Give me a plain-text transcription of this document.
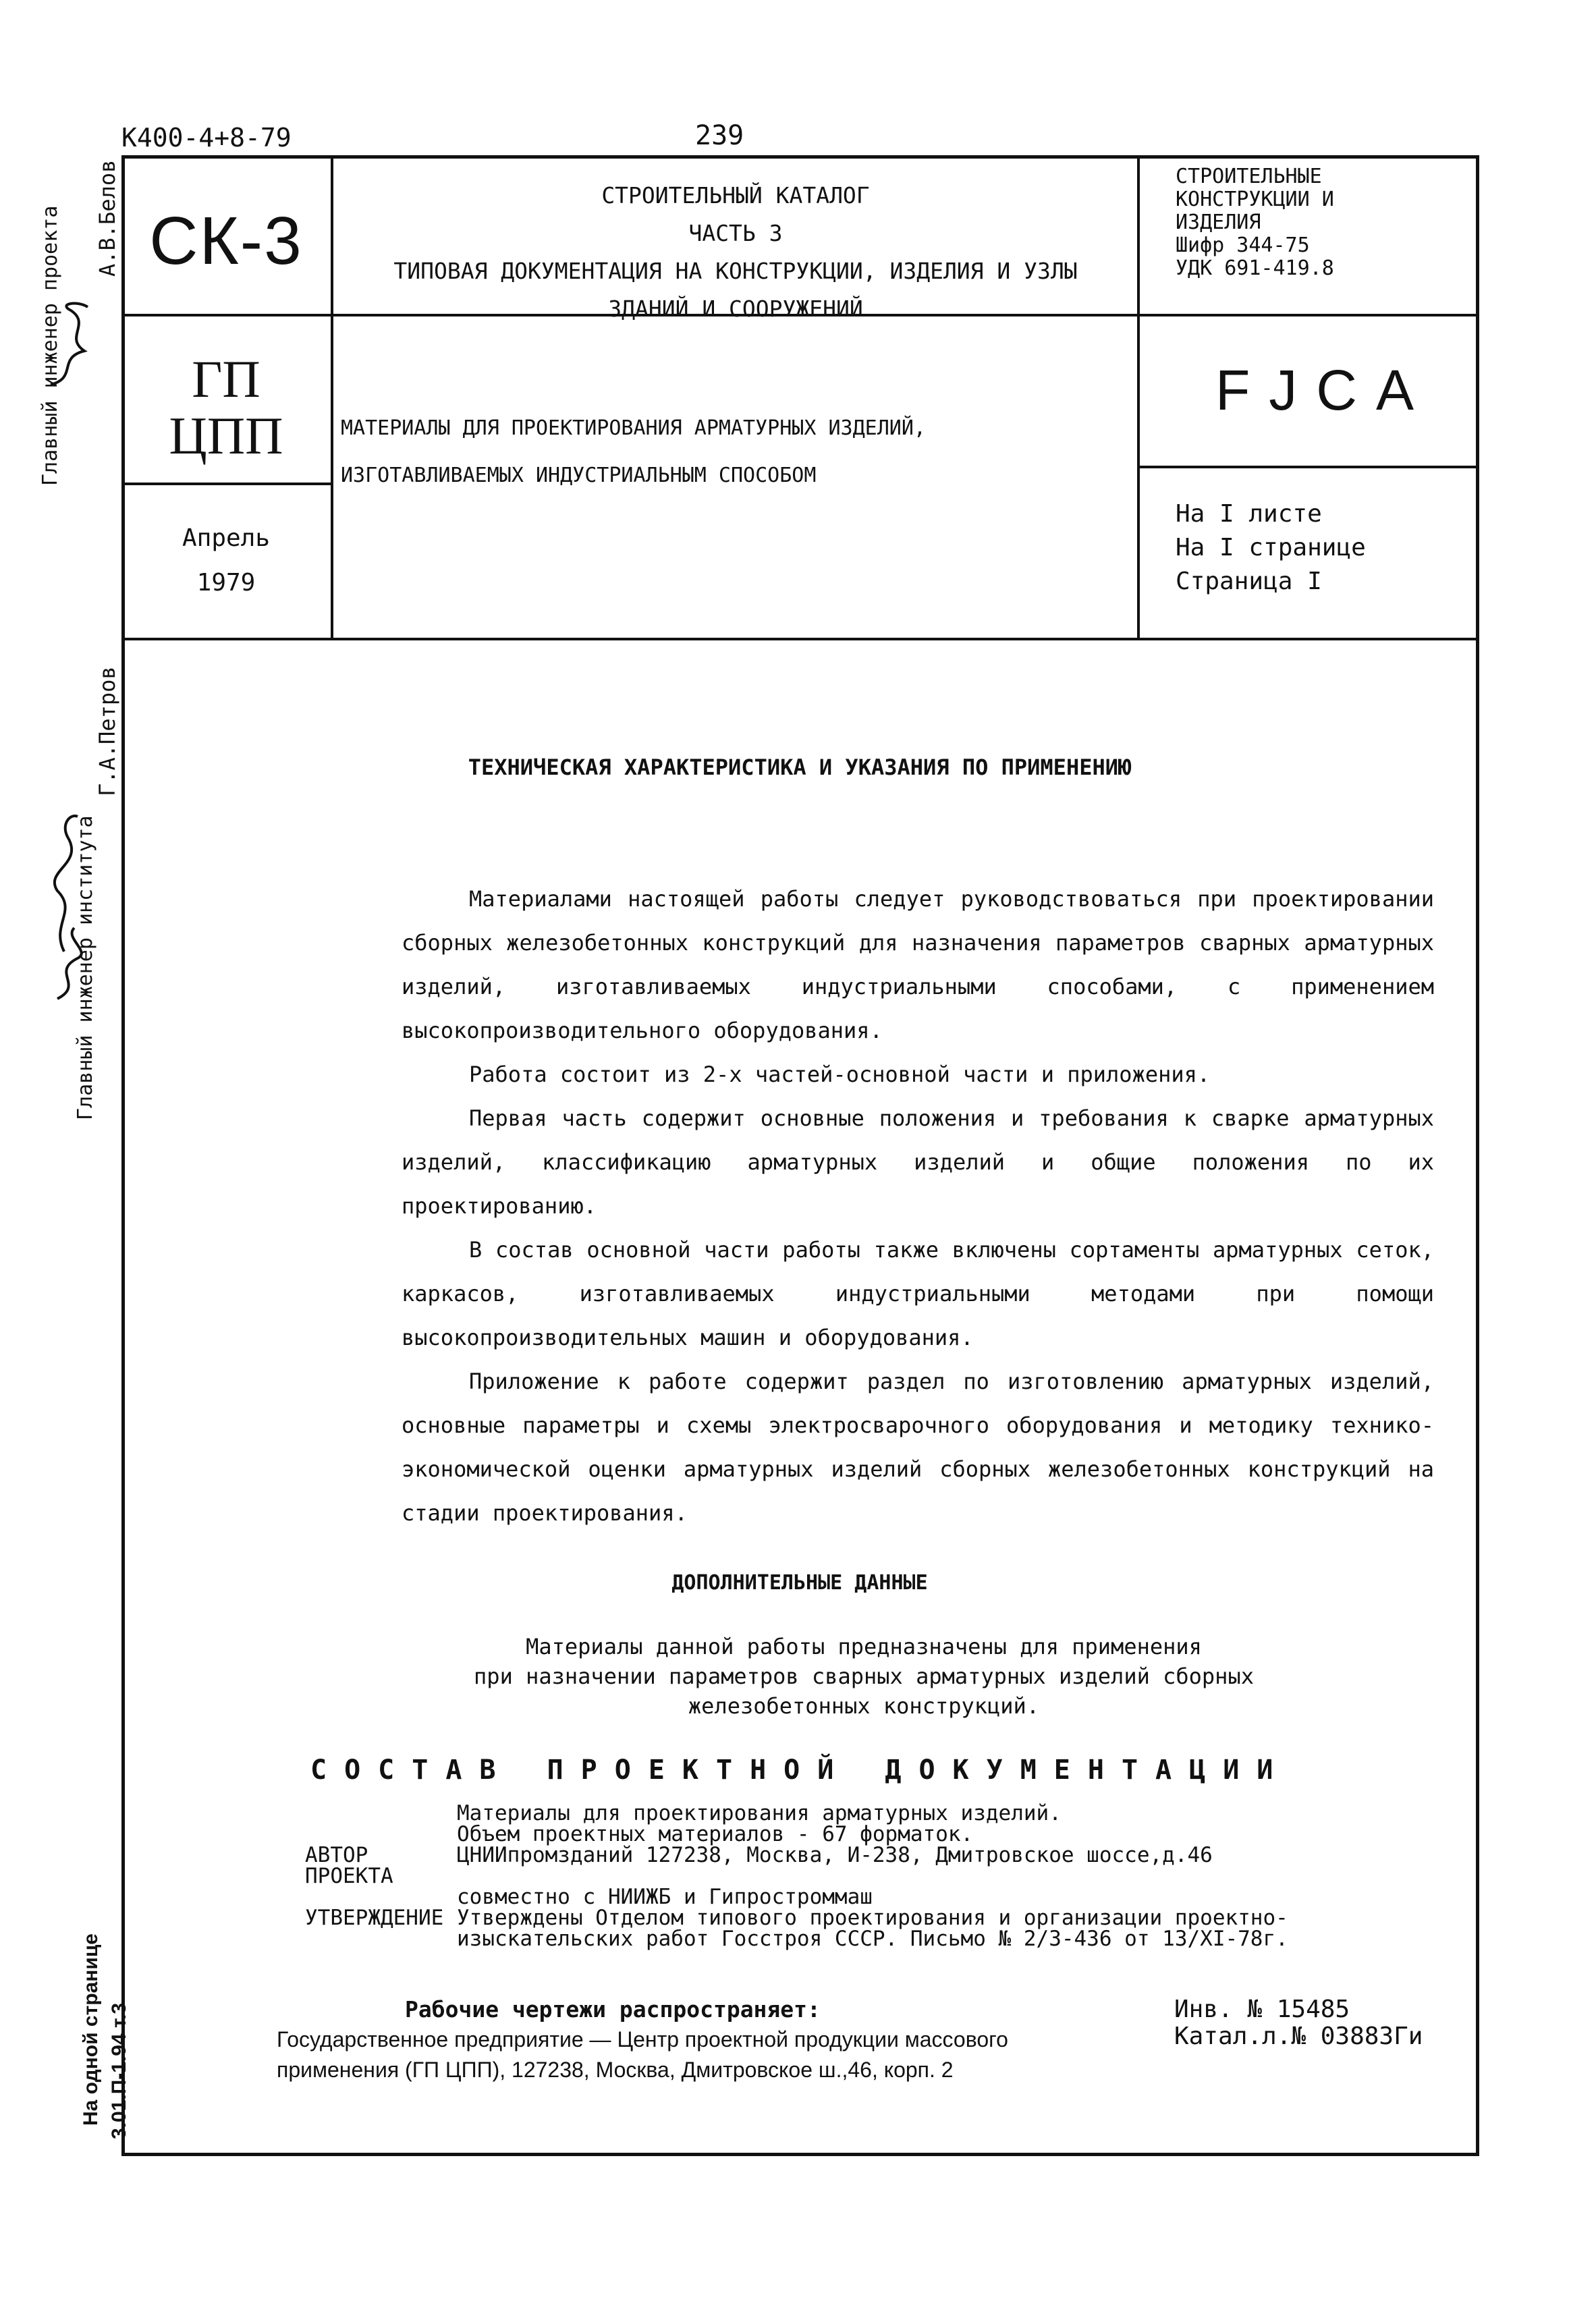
К400-4+8-79	239
СК-3
СТРОИТЕЛЬНЫЙ КАТАЛОГ
ЧАСТЬ 3
ТИПОВАЯ ДОКУМЕНТАЦИЯ НА КОНСТРУКЦИИ, ИЗДЕЛИЯ И УЗЛЫ
ЗДАНИЙ И СООРУЖЕНИЙ
СТРОИТЕЛЬНЫЕ
КОНСТРУКЦИИ И
ИЗДЕЛИЯ
Шифр 344-75
УДК 691-419.8
ГП
ЦПП	МАТЕРИАЛЫ ДЛЯ ПРОЕКТИРОВАНИЯ АРМАТУРНЫХ ИЗДЕЛИЙ,
ИЗГОТАВЛИВАЕМЫХ ИНДУСТРИАЛЬНЫМ СПОСОБОМ
FJCA
Апрель
1979
На I листе
На I странице
Страница I
ТЕХНИЧЕСКАЯ ХАРАКТЕРИСТИКА И УКАЗАНИЯ ПО ПРИМЕНЕНИЮ

Материалами настоящей работы следует руководствоваться при проектировании сборных железобетонных конструкций для назначения параметров сварных арматурных изделий, изготавливаемых индустриальными способами, с применением высокопроизводительного оборудования.

Работа состоит из 2-х частей-основной части и приложения.

Первая часть содержит основные положения и требования к сварке арматурных изделий, классификацию арматурных изделий и общие положения по их проектированию.

В состав основной части работы также включены сортаменты арматурных сеток, каркасов, изготавливаемых индустриальными методами при помощи высокопроизводительных машин и оборудования.

Приложение к работе содержит раздел по изготовлению арматурных изделий, основные параметры и схемы электросварочного оборудования и методику технико-экономической оценки арматурных изделий сборных железобетонных конструкций на стадии проектирования.

ДОПОЛНИТЕЛЬНЫЕ ДАННЫЕ
Материалы данной работы предназначены для применения
при назначении параметров сварных арматурных изделий сборных
железобетонных конструкций.
СОСТАВ ПРОЕКТНОЙ ДОКУМЕНТАЦИИ
Материалы для проектирования арматурных изделий.
Объем проектных материалов - 67 форматок.
АВТОР ПРОЕКТА
ЦНИИпромзданий 127238, Москва, И-238, Дмитровское шоссе,д.46
совместно с НИИЖБ и Гипростроммаш
УТВЕРЖДЕНИЕ Утверждены Отделом типового проектирования и организации проектно-
изыскательских работ Госстроя СССР. Письмо № 2/3-436 от 13/XI-78г.
Рабочие чертежи распространяет:
Государственное предприятие — Центр проектной продукции массового
применения (ГП ЦПП), 127238, Москва, Дмитровское ш.,46, корп. 2
Инв. № 15485
Катал.л.№ 03883Ги
Главный инженер проекта А.В.Белов
Главный инженер института
Г.А.Петров
На одной странице 3.01.П-1.94 т.3
